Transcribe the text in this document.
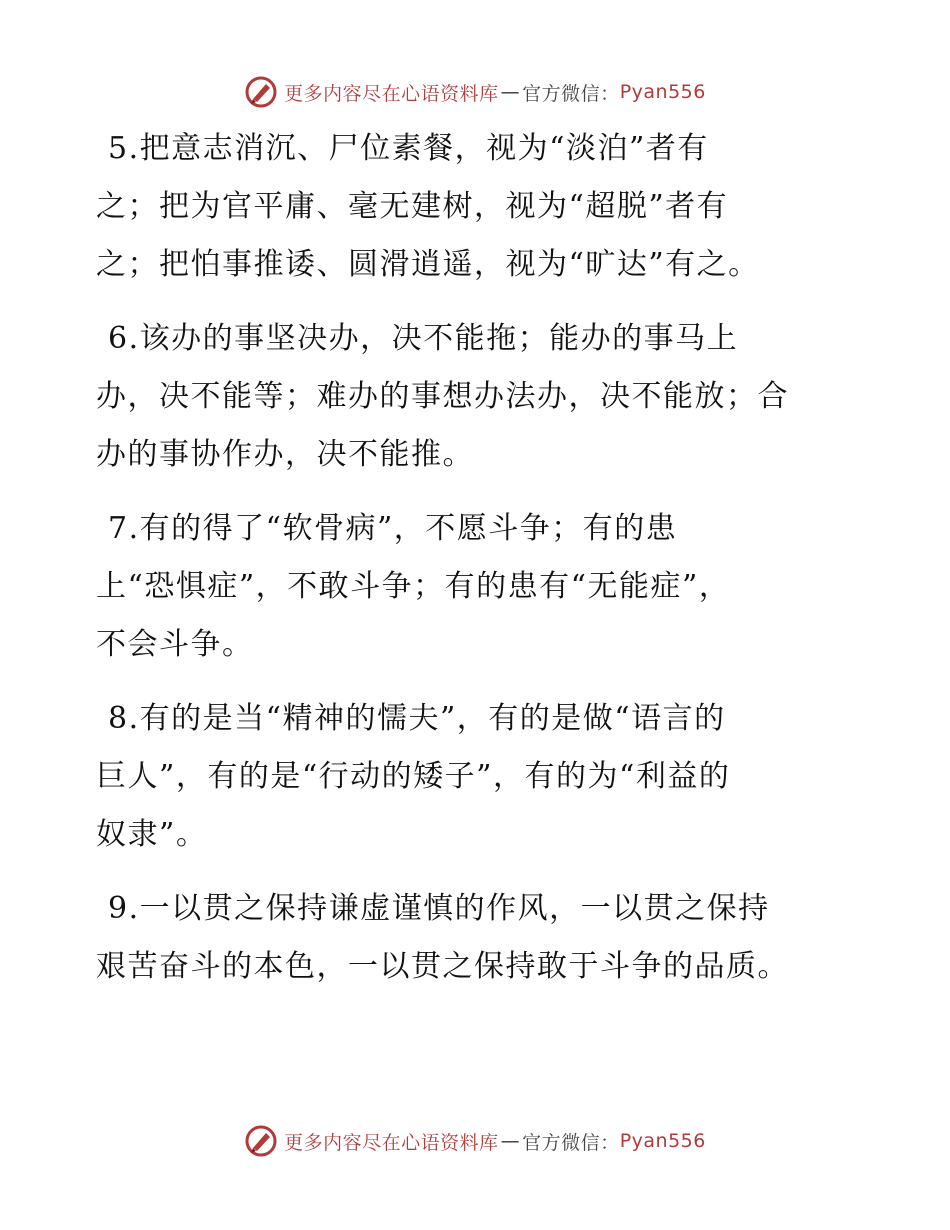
更多内容尽在心语资料库 — 官方微信： Pyan556

5.把意志消沉、尸位素餐，视为“淡泊”者有
之；把为官平庸、毫无建树，视为“超脱”者有
之；把怕事推诿、圆滑逍遥，视为“旷达”有之。

6.该办的事坚决办，决不能拖；能办的事马上
办，决不能等；难办的事想办法办，决不能放；合
办的事协作办，决不能推。

7.有的得了“软骨病”，不愿斗争；有的患
上“恐惧症”，不敢斗争；有的患有“无能症”，
不会斗争。

8.有的是当“精神的懦夫”，有的是做“语言的
巨人”，有的是“行动的矮子”，有的为“利益的
奴隶”。

9.一以贯之保持谦虚谨慎的作风，一以贯之保持
艰苦奋斗的本色，一以贯之保持敢于斗争的品质。

更多内容尽在心语资料库 — 官方微信： Pyan556
